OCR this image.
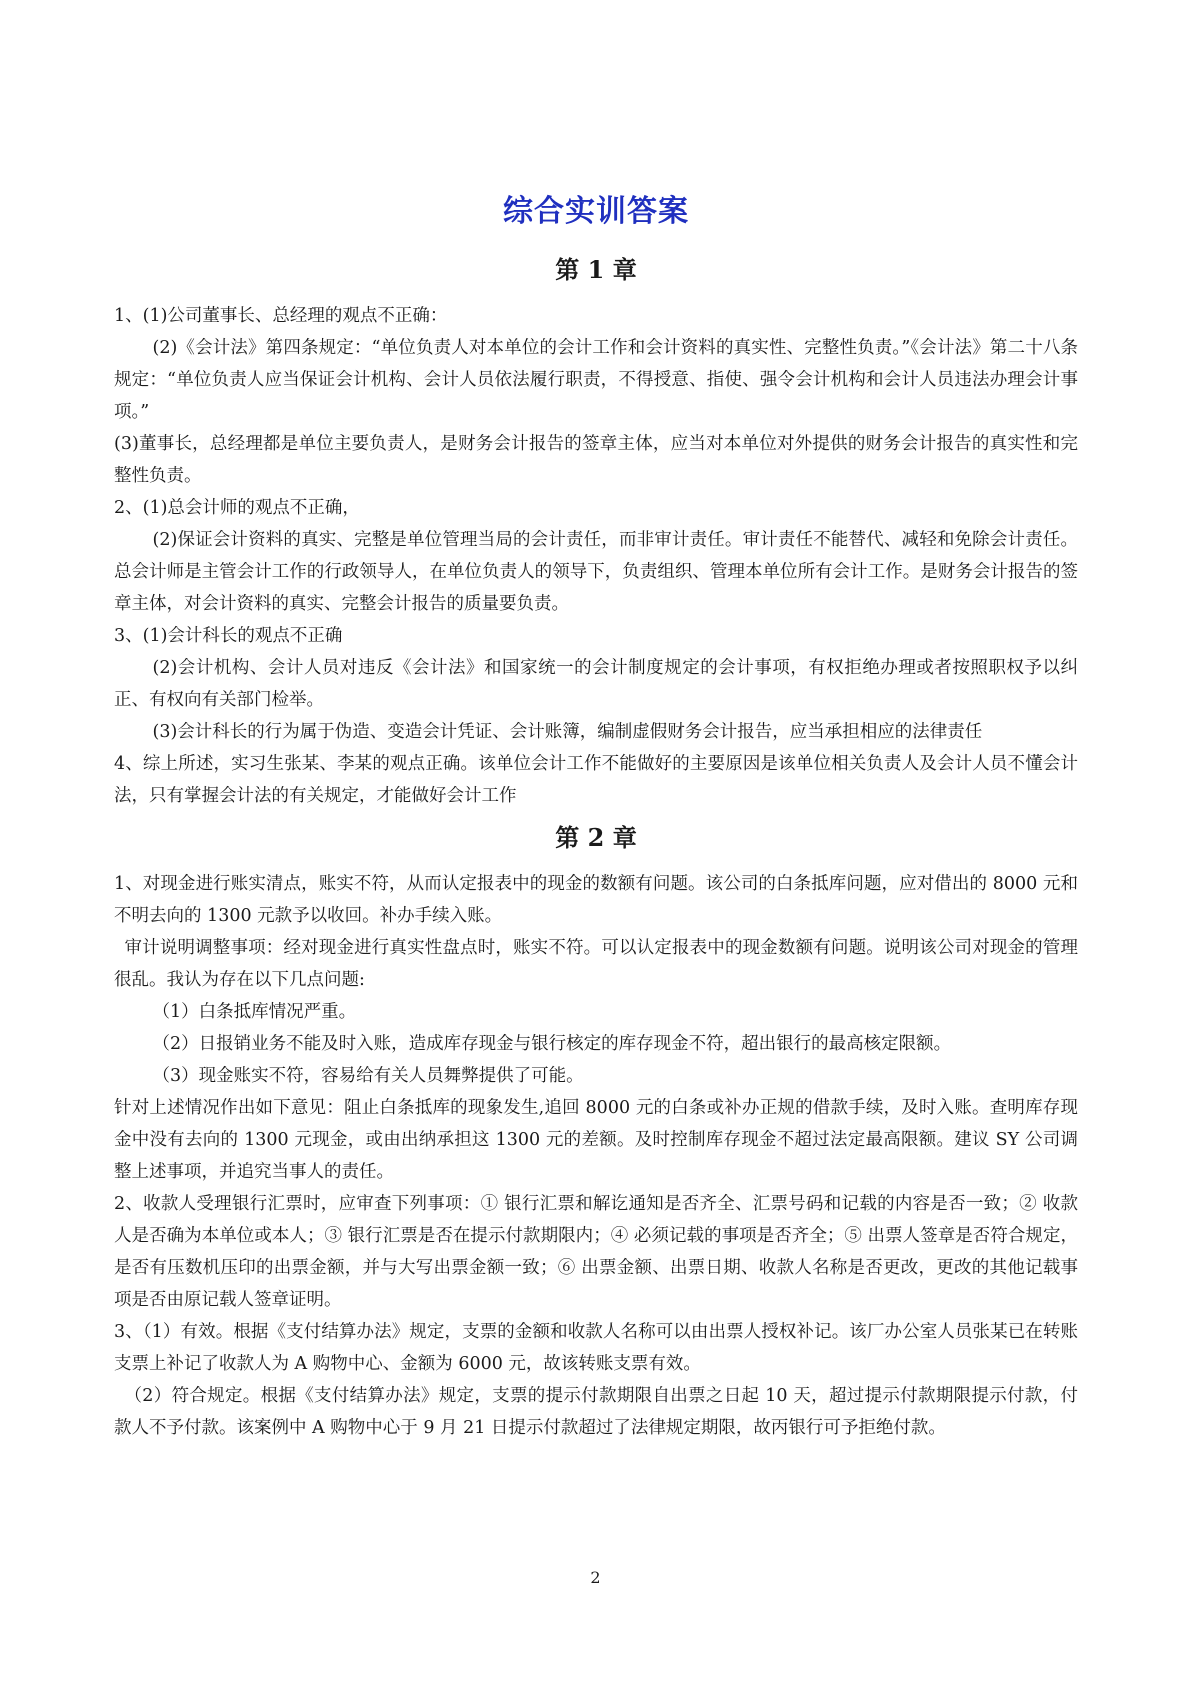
综合实训答案
第 1 章

1、(1)公司董事长、总经理的观点不正确：

(2)《会计法》第四条规定：“单位负责人对本单位的会计工作和会计资料的真实性、完整性负责。”《会计法》第二十八条规定：“单位负责人应当保证会计机构、会计人员依法履行职责，不得授意、指使、强令会计机构和会计人员违法办理会计事项。”

(3)董事长，总经理都是单位主要负责人，是财务会计报告的签章主体，应当对本单位对外提供的财务会计报告的真实性和完整性负责。

2、(1)总会计师的观点不正确，

(2)保证会计资料的真实、完整是单位管理当局的会计责任，而非审计责任。审计责任不能替代、减轻和免除会计责任。总会计师是主管会计工作的行政领导人，在单位负责人的领导下，负责组织、管理本单位所有会计工作。是财务会计报告的签章主体，对会计资料的真实、完整会计报告的质量要负责。

3、(1)会计科长的观点不正确

(2)会计机构、会计人员对违反《会计法》和国家统一的会计制度规定的会计事项，有权拒绝办理或者按照职权予以纠正、有权向有关部门检举。

(3)会计科长的行为属于伪造、变造会计凭证、会计账簿，编制虚假财务会计报告，应当承担相应的法律责任

4、综上所述，实习生张某、李某的观点正确。该单位会计工作不能做好的主要原因是该单位相关负责人及会计人员不懂会计法，只有掌握会计法的有关规定，才能做好会计工作

第 2 章

1、对现金进行账实清点，账实不符，从而认定报表中的现金的数额有问题。该公司的白条抵库问题，应对借出的 8000 元和不明去向的 1300 元款予以收回。补办手续入账。

审计说明调整事项：经对现金进行真实性盘点时，账实不符。可以认定报表中的现金数额有问题。说明该公司对现金的管理很乱。我认为存在以下几点问题:

（1）白条抵库情况严重。

（2）日报销业务不能及时入账，造成库存现金与银行核定的库存现金不符，超出银行的最高核定限额。

（3）现金账实不符，容易给有关人员舞弊提供了可能。

针对上述情况作出如下意见：阻止白条抵库的现象发生,追回 8000 元的白条或补办正规的借款手续，及时入账。查明库存现金中没有去向的 1300 元现金，或由出纳承担这 1300 元的差额。及时控制库存现金不超过法定最高限额。建议 SY 公司调整上述事项，并追究当事人的责任。

2、收款人受理银行汇票时，应审查下列事项：① 银行汇票和解讫通知是否齐全、汇票号码和记载的内容是否一致；② 收款人是否确为本单位或本人；③ 银行汇票是否在提示付款期限内；④ 必须记载的事项是否齐全；⑤ 出票人签章是否符合规定，是否有压数机压印的出票金额，并与大写出票金额一致；⑥ 出票金额、出票日期、收款人名称是否更改，更改的其他记载事项是否由原记载人签章证明。

3、（1）有效。根据《支付结算办法》规定，支票的金额和收款人名称可以由出票人授权补记。该厂办公室人员张某已在转账支票上补记了收款人为 A 购物中心、金额为 6000 元，故该转账支票有效。

（2）符合规定。根据《支付结算办法》规定，支票的提示付款期限自出票之日起 10 天，超过提示付款期限提示付款，付款人不予付款。该案例中 A 购物中心于 9 月 21 日提示付款超过了法律规定期限，故丙银行可予拒绝付款。

2
